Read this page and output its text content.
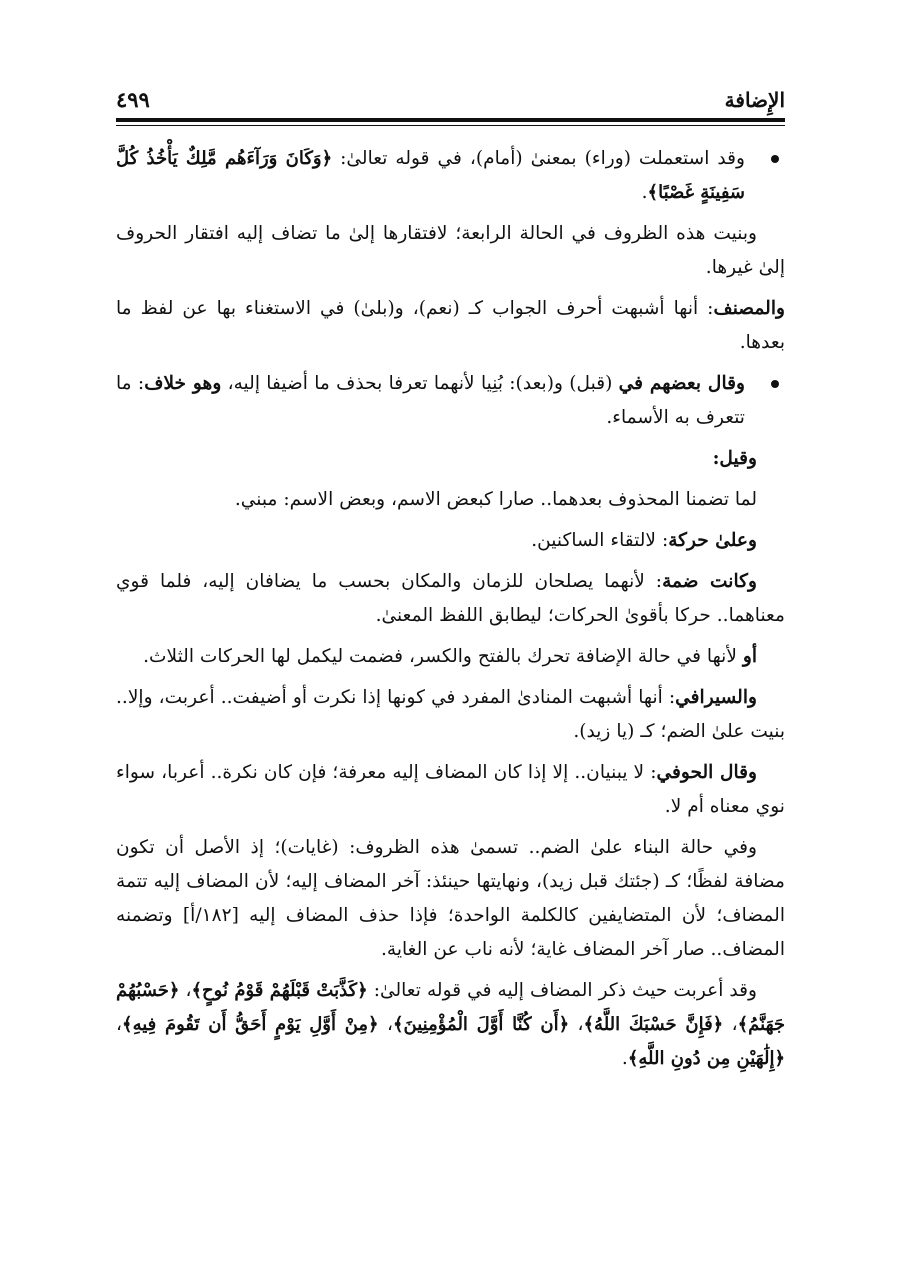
الإِضافة
٤٩٩

وقد استعملت (وراء) بمعنىٰ (أمام)، في قوله تعالىٰ: ﴿وَكَانَ وَرَآءَهُم مَّلِكٌ يَأْخُذُ كُلَّ سَفِينَةٍ غَصْبًا﴾.

وبنيت هذه الظروف في الحالة الرابعة؛ لافتقارها إلىٰ ما تضاف إليه افتقار الحروف إلىٰ غيرها.

والمصنف: أنها أشبهت أحرف الجواب كـ (نعم)، و(بلىٰ) في الاستغناء بها عن لفظ ما بعدها.

وقال بعضهم في (قبل) و(بعد): بُنِيا لأنهما تعرفا بحذف ما أضيفا إليه، وهو خلاف: ما تتعرف به الأسماء.

وقيل:

لما تضمنا المحذوف بعدهما.. صارا كبعض الاسم، وبعض الاسم: مبني.

وعلىٰ حركة: لالتقاء الساكنين.

وكانت ضمة: لأنهما يصلحان للزمان والمكان بحسب ما يضافان إليه، فلما قوي معناهما.. حركا بأقوىٰ الحركات؛ ليطابق اللفظ المعنىٰ.

أو لأنها في حالة الإضافة تحرك بالفتح والكسر، فضمت ليكمل لها الحركات الثلاث.

والسيرافي: أنها أشبهت المنادىٰ المفرد في كونها إذا نكرت أو أضيفت.. أعربت، وإلا.. بنيت علىٰ الضم؛ كـ (يا زيد).

وقال الحوفي: لا يبنيان.. إلا إذا كان المضاف إليه معرفة؛ فإن كان نكرة.. أعربا، سواء نوي معناه أم لا.

وفي حالة البناء علىٰ الضم.. تسمىٰ هذه الظروف: (غايات)؛ إذ الأصل أن تكون مضافة لفظًا؛ كـ (جئتك قبل زيد)، ونهايتها حينئذ: آخر المضاف إليه؛ لأن المضاف إليه تتمة المضاف؛ لأن المتضايفين كالكلمة الواحدة؛ فإذا حذف المضاف إليه [١٨٢/أ] وتضمنه المضاف.. صار آخر المضاف غاية؛ لأنه ناب عن الغاية.

وقد أعربت حيث ذكر المضاف إليه في قوله تعالىٰ: ﴿كَذَّبَتْ قَبْلَهُمْ قَوْمُ نُوحٍ﴾، ﴿حَسْبُهُمْ جَهَنَّمُ﴾، ﴿فَإِنَّ حَسْبَكَ اللَّهُ﴾، ﴿أَن كُنَّا أَوَّلَ الْمُؤْمِنِينَ﴾، ﴿مِنْ أَوَّلِ يَوْمٍ أَحَقُّ أَن تَقُومَ فِيهِ﴾، ﴿إِلَٰهَيْنِ مِن دُونِ اللَّهِ﴾.
